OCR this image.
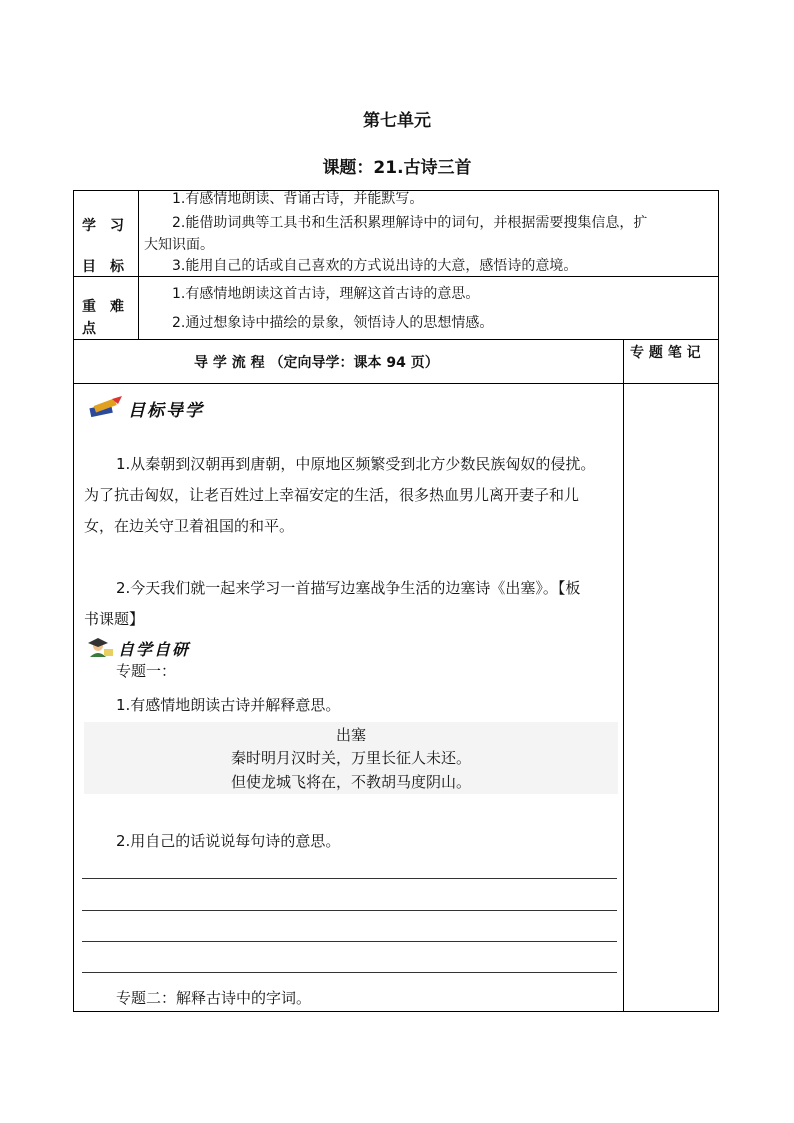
第七单元
课题：21.古诗三首
学　习
目　标
1.有感情地朗读、背诵古诗，并能默写。
2.能借助词典等工具书和生活积累理解诗中的词句，并根据需要搜集信息，扩
大知识面。
3.能用自己的话或自己喜欢的方式说出诗的大意，感悟诗的意境。
重　难
点
1.有感情地朗读这首古诗，理解这首古诗的意思。
2.通过想象诗中描绘的景象，领悟诗人的思想情感。
导 学 流 程 （定向导学：课本 94 页）
专 题 笔 记
目标导学
1.从秦朝到汉朝再到唐朝，中原地区频繁受到北方少数民族匈奴的侵扰。
为了抗击匈奴，让老百姓过上幸福安定的生活，很多热血男儿离开妻子和儿
女，在边关守卫着祖国的和平。
2.今天我们就一起来学习一首描写边塞战争生活的边塞诗《出塞》。【板
书课题】
自学自研
专题一：
1.有感情地朗读古诗并解释意思。
出塞
秦时明月汉时关，万里长征人未还。
但使龙城飞将在，不教胡马度阴山。
2.用自己的话说说每句诗的意思。
专题二：解释古诗中的字词。
